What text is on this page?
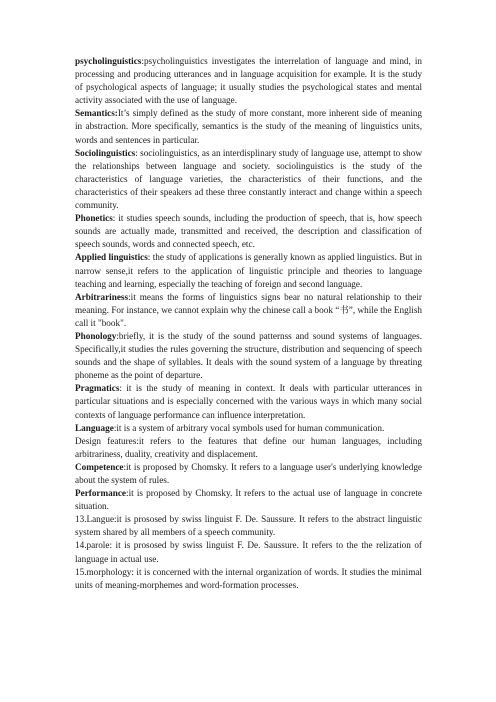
psycholinguistics:psycholinguistics investigates the interrelation of language and mind, in processing and producing utterances and in language acquisition for example. It is the study of psychological aspects of language; it usually studies the psychological states and mental activity associated with the use of language.

Semantics:It’s simply defined as the study of more constant, more inherent side of meaning in abstraction. More specifically, semantics is the study of the meaning of linguistics units, words and sentences in particular.

Sociolinguistics: sociolinguistics, as an interdisplinary study of language use, attempt to show the relationships between language and society. sociolinguistics is the study of the characteristics of language varieties, the characteristics of their functions, and the characteristics of their speakers ad these three constantly interact and change within a speech community.

Phonetics: it studies speech sounds, including the production of speech, that is, how speech sounds are actually made, transmitted and received, the description and classification of speech sounds, words and connected speech, etc.

Applied linguistics: the study of applications is generally known as applied linguistics. But in narrow sense,it refers to the application of linguistic principle and theories to language teaching and learning, especially the teaching of foreign and second language.

Arbitrariness:it means the forms of linguistics signs bear no natural relationship to their meaning. For instance, we cannot explain why the chinese call a book “书”, while the English call it "book".

Phonology:briefly, it is the study of the sound patternss and sound systems of languages. Specifically,it studies the rules governing the structure, distribution and sequencing of speech sounds and the shape of syllables. It deals with the sound system of a language by threating phoneme as the point of departure.

Pragmatics: it is the study of meaning in context. It deals with particular utterances in particular situations and is especially concerned with the various ways in which many social contexts of language performance can influence interpretation.

Language:it is a system of arbitrary vocal symbols used for human communication.

Design features:it refers to the features that define our human languages, including arbitrariness, duality, creativity and displacement.

Competence:it is proposed by Chomsky. It refers to a language user's underlying knowledge about the system of rules.

Performance:it is proposed by Chomsky. It refers to the actual use of language in concrete situation.

13.Langue:it is prososed by swiss linguist F. De. Saussure. It refers to the abstract linguistic system shared by all members of a speech community.

14.parole: it is prososed by swiss linguist F. De. Saussure. It refers to the the relization of language in actual use.

15.morphology: it is concerned with the internal organization of words. It studies the minimal units of meaning-morphemes and word-formation processes.
